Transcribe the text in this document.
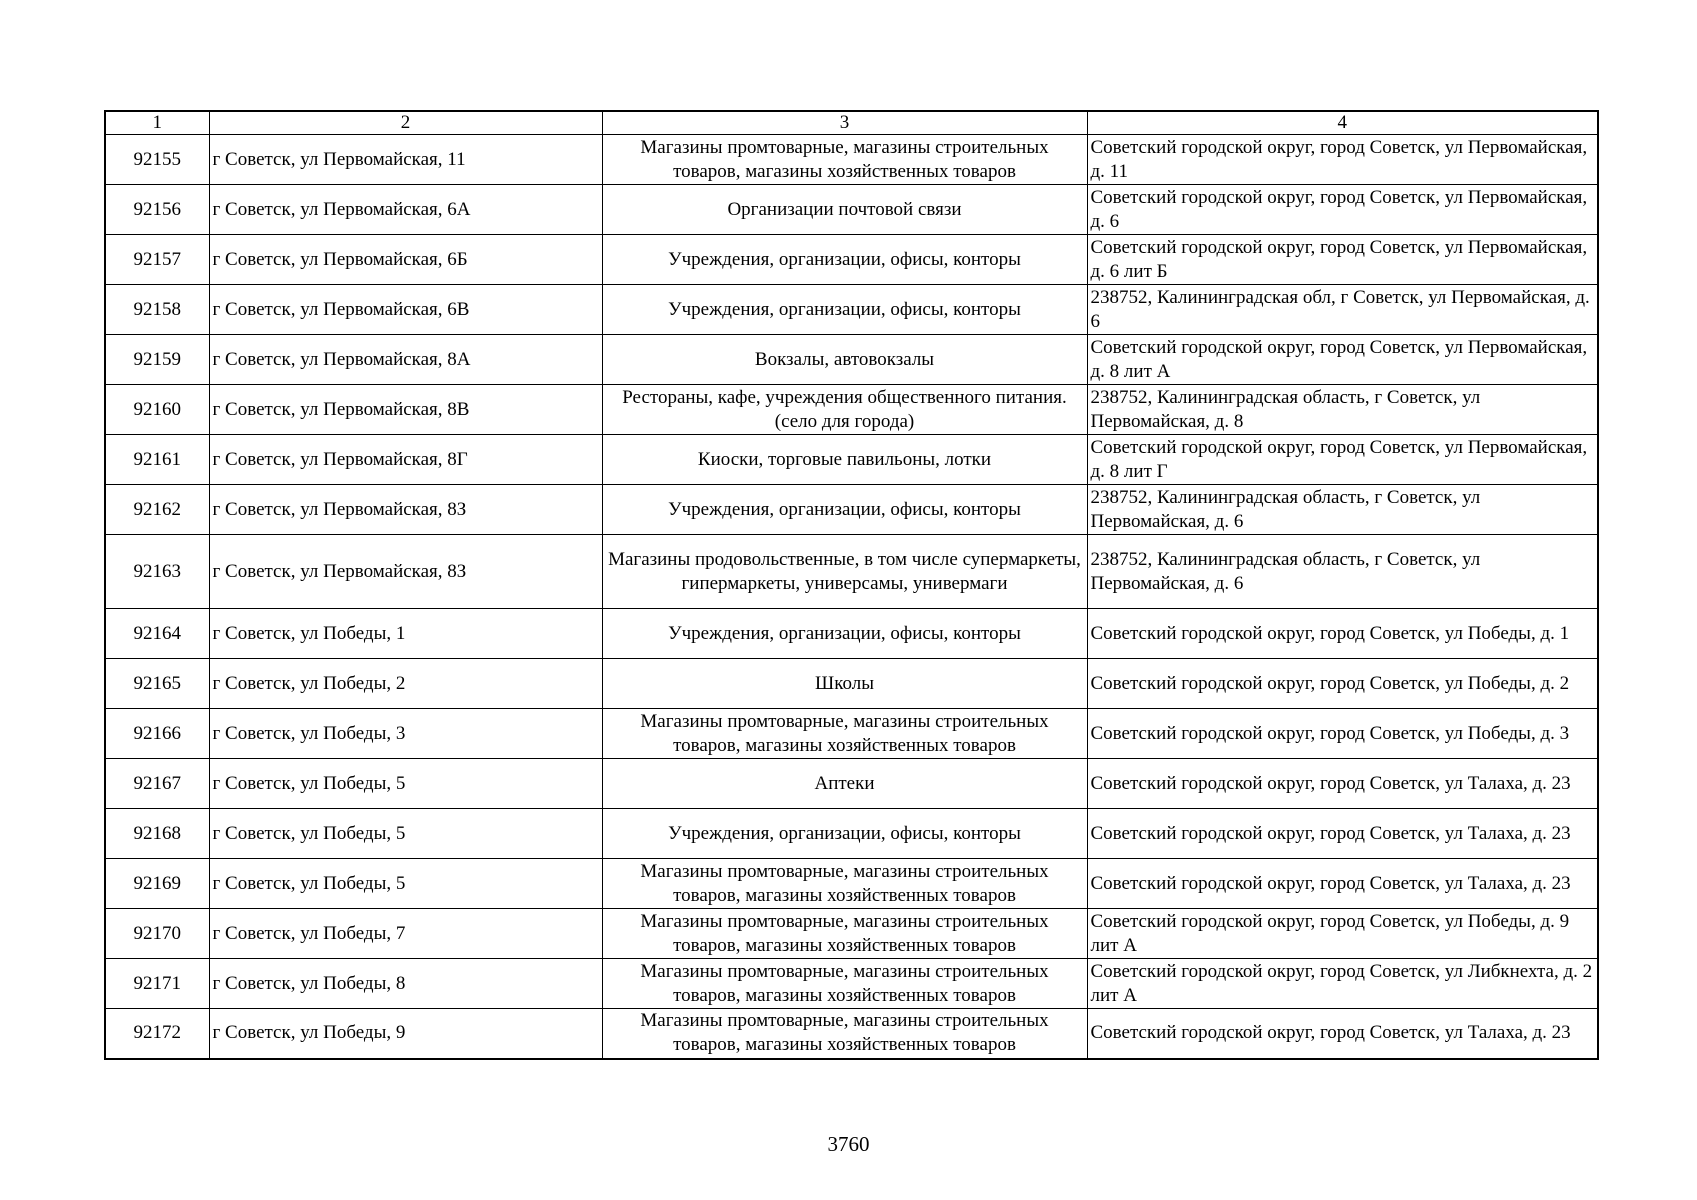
1	2	3	4
92155	г Советск, ул Первомайская, 11	Магазины промтоварные, магазины строительных товаров, магазины хозяйственных товаров	Советский городской округ, город Советск, ул Первомайская, д. 11
92156	г Советск, ул Первомайская, 6А	Организации почтовой связи	Советский городской округ, город Советск, ул Первомайская, д. 6
92157	г Советск, ул Первомайская, 6Б	Учреждения, организации, офисы, конторы	Советский городской округ, город Советск, ул Первомайская, д. 6 лит Б
92158	г Советск, ул Первомайская, 6В	Учреждения, организации, офисы, конторы	238752, Калининградская обл, г Советск, ул Первомайская, д. 6
92159	г Советск, ул Первомайская, 8А	Вокзалы, автовокзалы	Советский городской округ, город Советск, ул Первомайская, д. 8 лит А
92160	г Советск, ул Первомайская, 8В	Рестораны, кафе, учреждения общественного питания. (село для города)	238752, Калининградская область, г Советск, ул Первомайская, д. 8
92161	г Советск, ул Первомайская, 8Г	Киоски, торговые павильоны, лотки	Советский городской округ, город Советск, ул Первомайская, д. 8 лит Г
92162	г Советск, ул Первомайская, 8З	Учреждения, организации, офисы, конторы	238752, Калининградская область, г Советск, ул Первомайская, д. 6
92163	г Советск, ул Первомайская, 8З	Магазины продовольственные, в том числе супермаркеты, гипермаркеты, универсамы, универмаги	238752, Калининградская область, г Советск, ул Первомайская, д. 6
92164	г Советск, ул Победы, 1	Учреждения, организации, офисы, конторы	Советский городской округ, город Советск, ул Победы, д. 1
92165	г Советск, ул Победы, 2	Школы	Советский городской округ, город Советск, ул Победы, д. 2
92166	г Советск, ул Победы, 3	Магазины промтоварные, магазины строительных товаров, магазины хозяйственных товаров	Советский городской округ, город Советск, ул Победы, д. 3
92167	г Советск, ул Победы, 5	Аптеки	Советский городской округ, город Советск, ул Талаха, д. 23
92168	г Советск, ул Победы, 5	Учреждения, организации, офисы, конторы	Советский городской округ, город Советск, ул Талаха, д. 23
92169	г Советск, ул Победы, 5	Магазины промтоварные, магазины строительных товаров, магазины хозяйственных товаров	Советский городской округ, город Советск, ул Талаха, д. 23
92170	г Советск, ул Победы, 7	Магазины промтоварные, магазины строительных товаров, магазины хозяйственных товаров	Советский городской округ, город Советск, ул Победы, д. 9 лит А
92171	г Советск, ул Победы, 8	Магазины промтоварные, магазины строительных товаров, магазины хозяйственных товаров	Советский городской округ, город Советск, ул Либкнехта, д. 2 лит А
92172	г Советск, ул Победы, 9	Магазины промтоварные, магазины строительных товаров, магазины хозяйственных товаров	Советский городской округ, город Советск, ул Талаха, д. 23
3760
